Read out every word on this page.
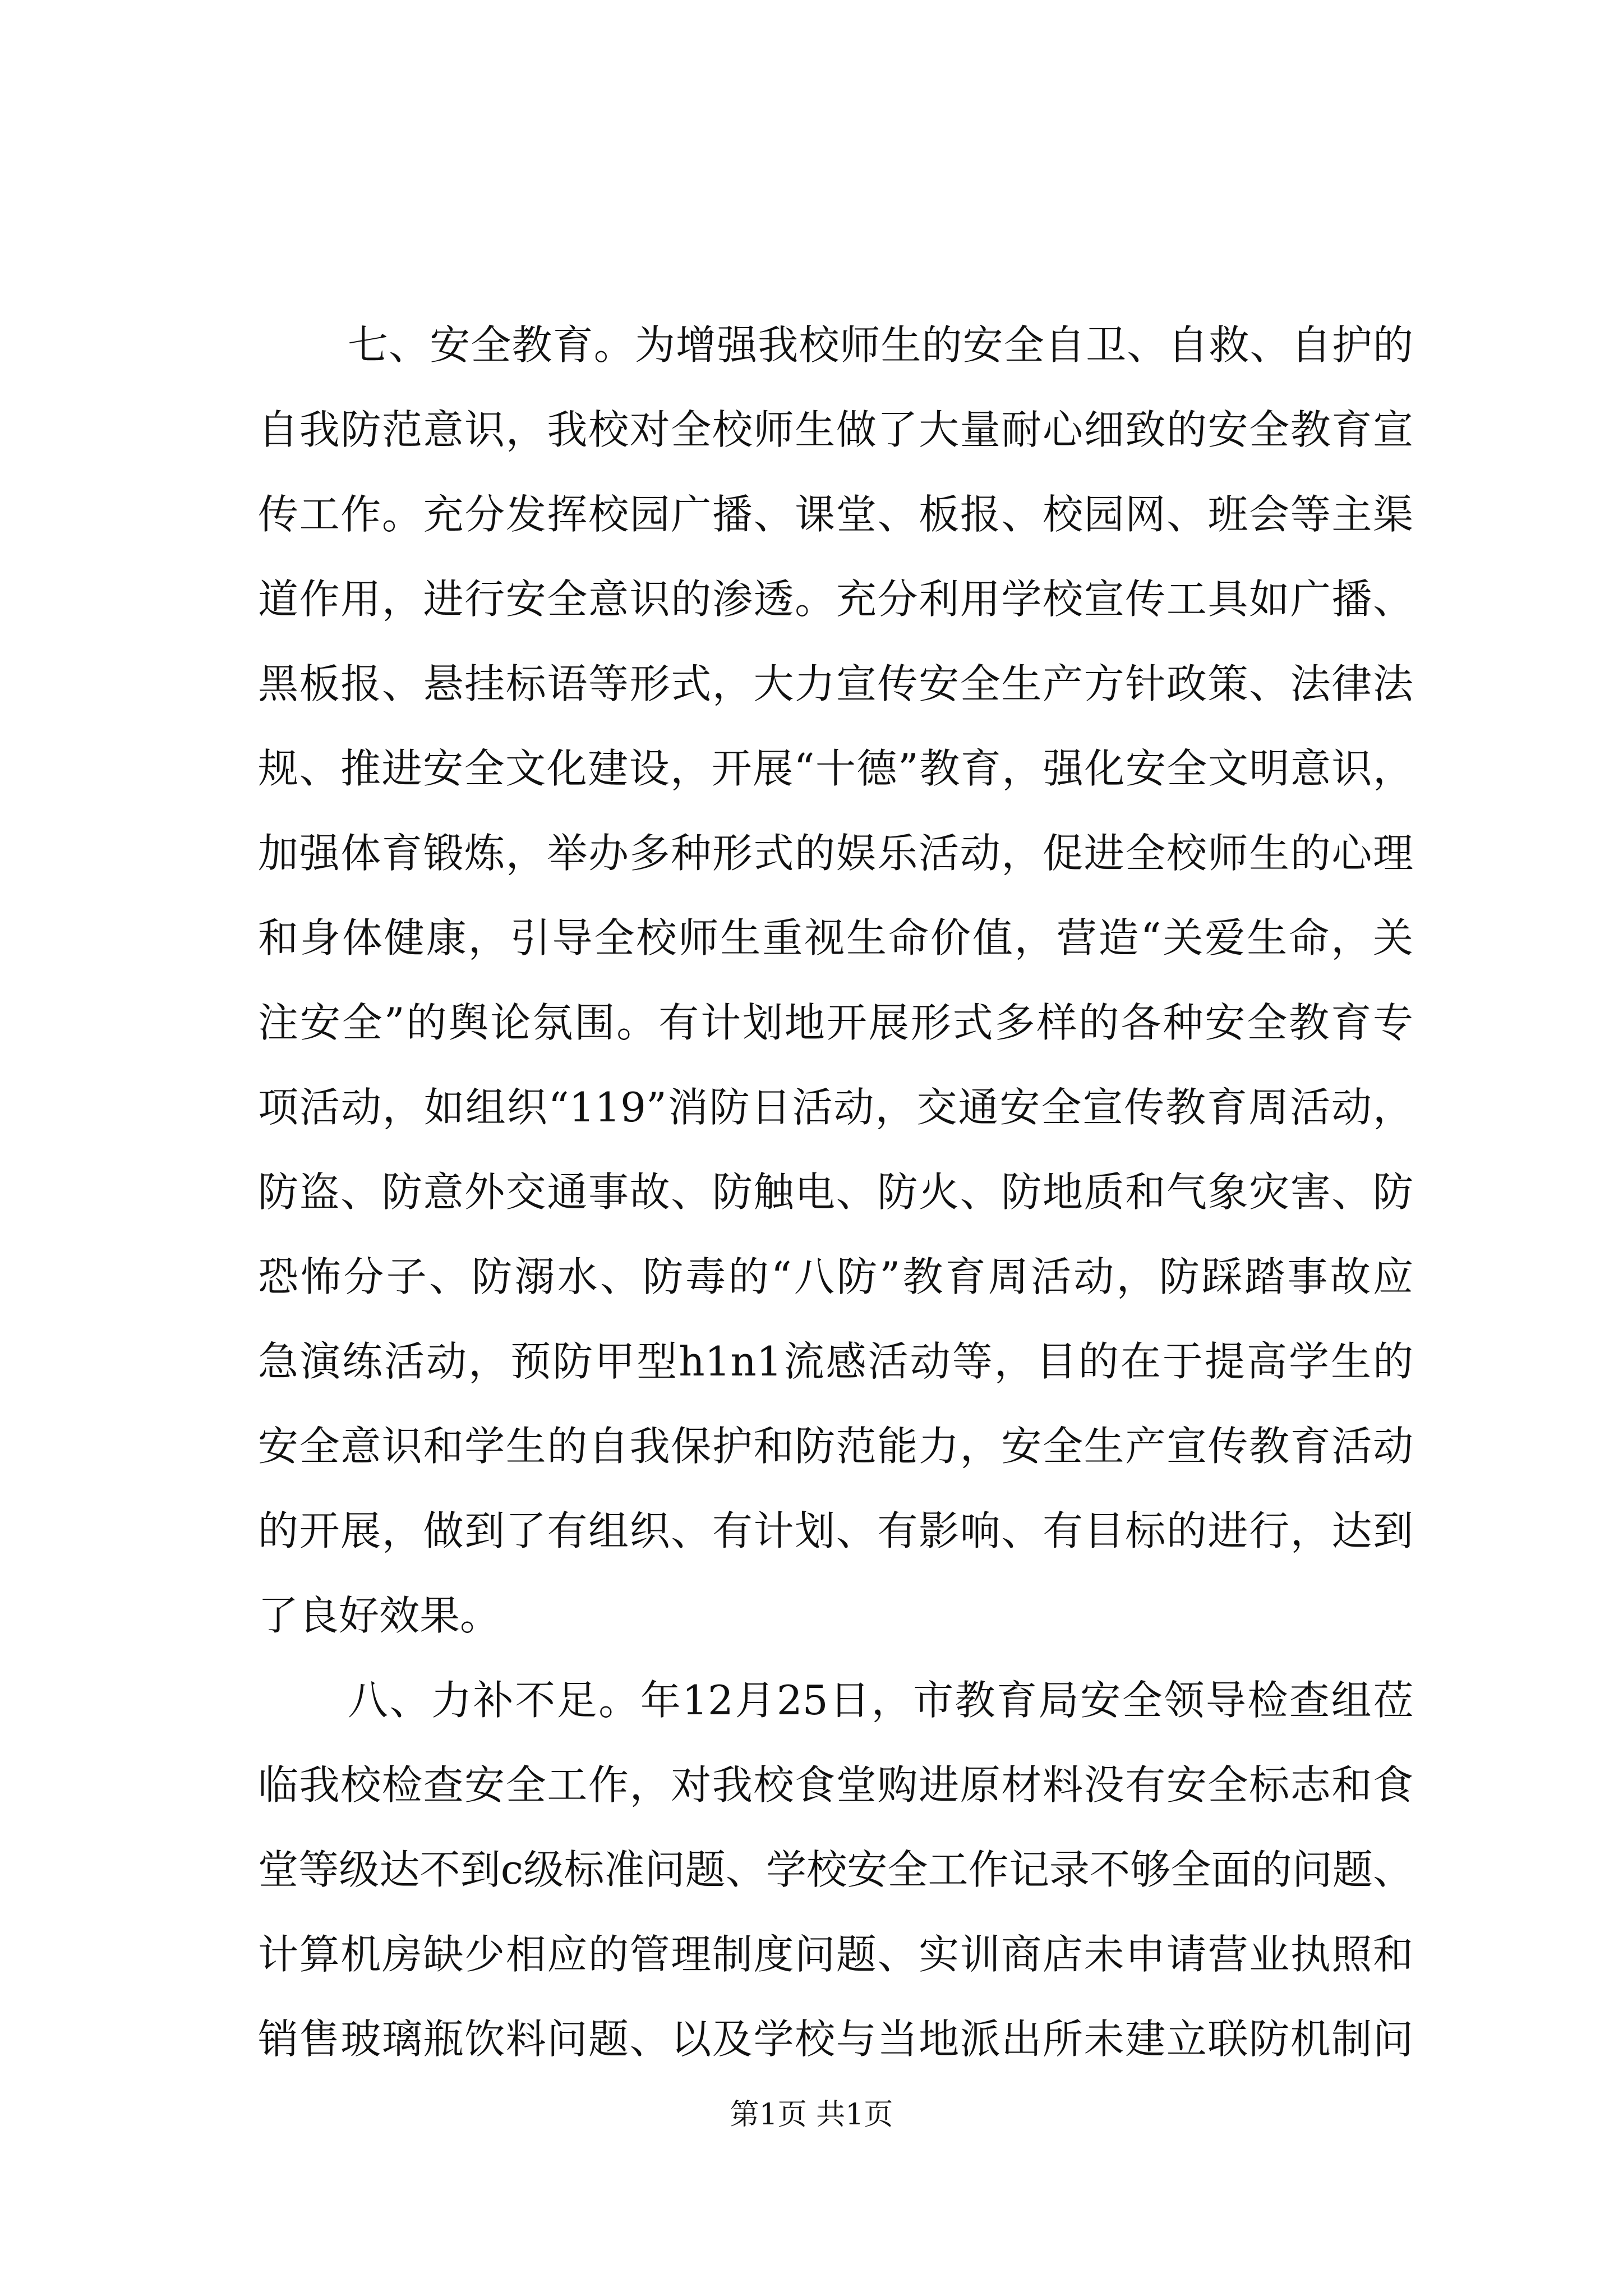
七、安全教育。为增强我校师生的安全自卫、自救、自护的
自我防范意识，我校对全校师生做了大量耐心细致的安全教育宣
传工作。充分发挥校园广播、课堂、板报、校园网、班会等主渠
道作用，进行安全意识的渗透。充分利用学校宣传工具如广播、
黑板报、悬挂标语等形式，大力宣传安全生产方针政策、法律法
规、推进安全文化建设，开展“十德”教育，强化安全文明意识，
加强体育锻炼，举办多种形式的娱乐活动，促进全校师生的心理
和身体健康，引导全校师生重视生命价值，营造“关爱生命，关
注安全”的舆论氛围。有计划地开展形式多样的各种安全教育专
项活动，如组织“119”消防日活动，交通安全宣传教育周活动，
防盗、防意外交通事故、防触电、防火、防地质和气象灾害、防
恐怖分子、防溺水、防毒的“八防”教育周活动，防踩踏事故应
急演练活动，预防甲型h1n1流感活动等，目的在于提高学生的
安全意识和学生的自我保护和防范能力，安全生产宣传教育活动
的开展，做到了有组织、有计划、有影响、有目标的进行，达到
了良好效果。
八、力补不足。年12月25日，市教育局安全领导检查组莅
临我校检查安全工作，对我校食堂购进原材料没有安全标志和食
堂等级达不到c级标准问题、学校安全工作记录不够全面的问题、
计算机房缺少相应的管理制度问题、实训商店未申请营业执照和
销售玻璃瓶饮料问题、以及学校与当地派出所未建立联防机制问
第1页 共1页
